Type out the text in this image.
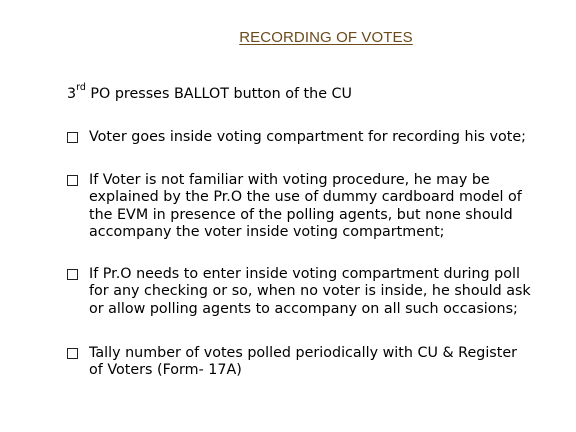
RECORDING OF VOTES
3rd PO presses BALLOT button of the CU
Voter goes inside voting compartment for recording his vote;
If Voter is not familiar with voting procedure, he may be
explained by the Pr.O the use of dummy cardboard model of
the EVM in presence of the polling agents, but none should
accompany the voter inside voting compartment;
If Pr.O needs to enter inside voting compartment during poll
for any checking or so, when no voter is inside, he should ask
or allow polling agents to accompany on all such occasions;
Tally number of votes polled periodically with CU & Register
of Voters (Form- 17A)
